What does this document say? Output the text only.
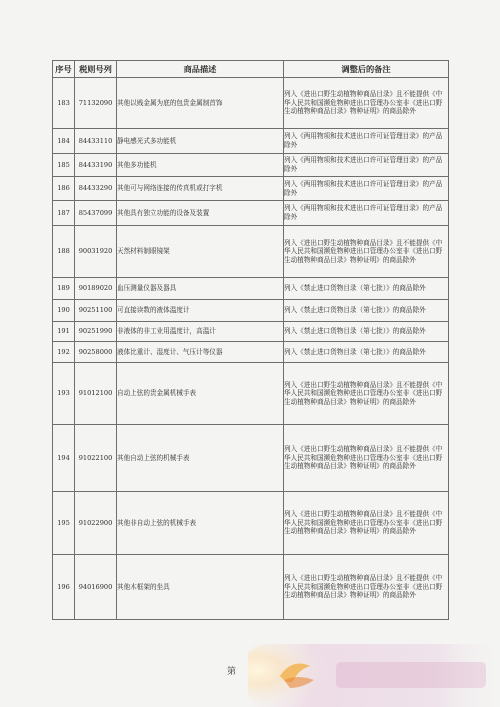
序号	税则号列	商品描述	调整后的备注
183	71132090	其他以贱金属为底的包贵金属制首饰	列入《进出口野生动植物种商品目录》且不能提供《中华人民共和国濒危物种进出口管理办公室非《进出口野生动植物种商品目录》物种证明》的商品除外
184	84433110	静电感光式多功能机	列入《两用物项和技术进出口许可证管理目录》的产品除外
185	84433190	其他多功能机	列入《两用物项和技术进出口许可证管理目录》的产品除外
186	84433290	其他可与网络连接的传真机或打字机	列入《两用物项和技术进出口许可证管理目录》的产品除外
187	85437099	其他具有独立功能的设备及装置	列入《两用物项和技术进出口许可证管理目录》的产品除外
188	90031920	天然材料制眼镜架	列入《进出口野生动植物种商品目录》且不能提供《中华人民共和国濒危物种进出口管理办公室非《进出口野生动植物种商品目录》物种证明》的商品除外
189	90189020	血压测量仪器及器具	列入《禁止进口货物目录（第七批）》的商品除外
190	90251100	可直接读数的液体温度计	列入《禁止进口货物目录（第七批）》的商品除外
191	90251990	非液体的非工业用温度计，高温计	列入《禁止进口货物目录（第七批）》的商品除外
192	90258000	液体比重计、湿度计、气压计等仪器	列入《禁止进口货物目录（第七批）》的商品除外
193	91012100	自动上弦的贵金属机械手表	列入《进出口野生动植物种商品目录》且不能提供《中华人民共和国濒危物种进出口管理办公室非《进出口野生动植物种商品目录》物种证明》的商品除外
194	91022100	其他自动上弦的机械手表	列入《进出口野生动植物种商品目录》且不能提供《中华人民共和国濒危物种进出口管理办公室非《进出口野生动植物种商品目录》物种证明》的商品除外
195	91022900	其他非自动上弦的机械手表	列入《进出口野生动植物种商品目录》且不能提供《中华人民共和国濒危物种进出口管理办公室非《进出口野生动植物种商品目录》物种证明》的商品除外
196	94016900	其他木框架的坐具	列入《进出口野生动植物种商品目录》且不能提供《中华人民共和国濒危物种进出口管理办公室非《进出口野生动植物种商品目录》物种证明》的商品除外
第
